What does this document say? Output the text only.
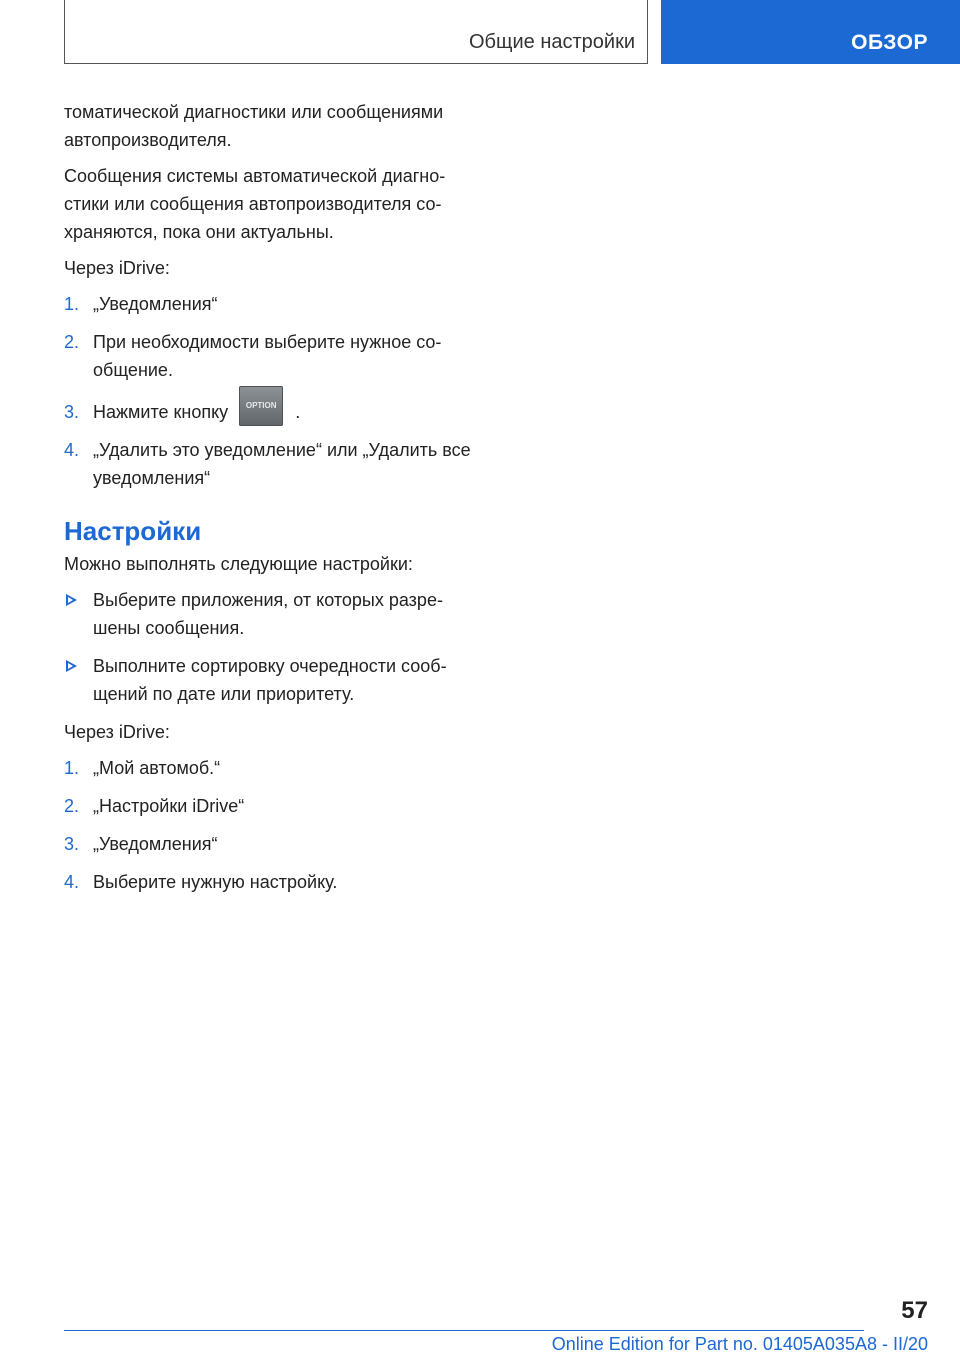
Общие настройки	ОБЗОР

томатической диагностики или сообщениями автопроизводителя.

Сообщения системы автоматической диагно-стики или сообщения автопроизводителя со-храняются, пока они актуальны.

Через iDrive:

1. „Уведомления“
2. При необходимости выберите нужное со-общение.
3. Нажмите кнопку OPTION .
4. „Удалить это уведомление“ или „Удалить все уведомления“
Настройки

Можно выполнять следующие настройки:

Выберите приложения, от которых разре-шены сообщения.
Выполните сортировку очередности сооб-щений по дате или приоритету.

Через iDrive:

1. „Мой автомоб.“
2. „Настройки iDrive“
3. „Уведомления“
4. Выберите нужную настройку.
57
Online Edition for Part no. 01405A035A8 - II/20
